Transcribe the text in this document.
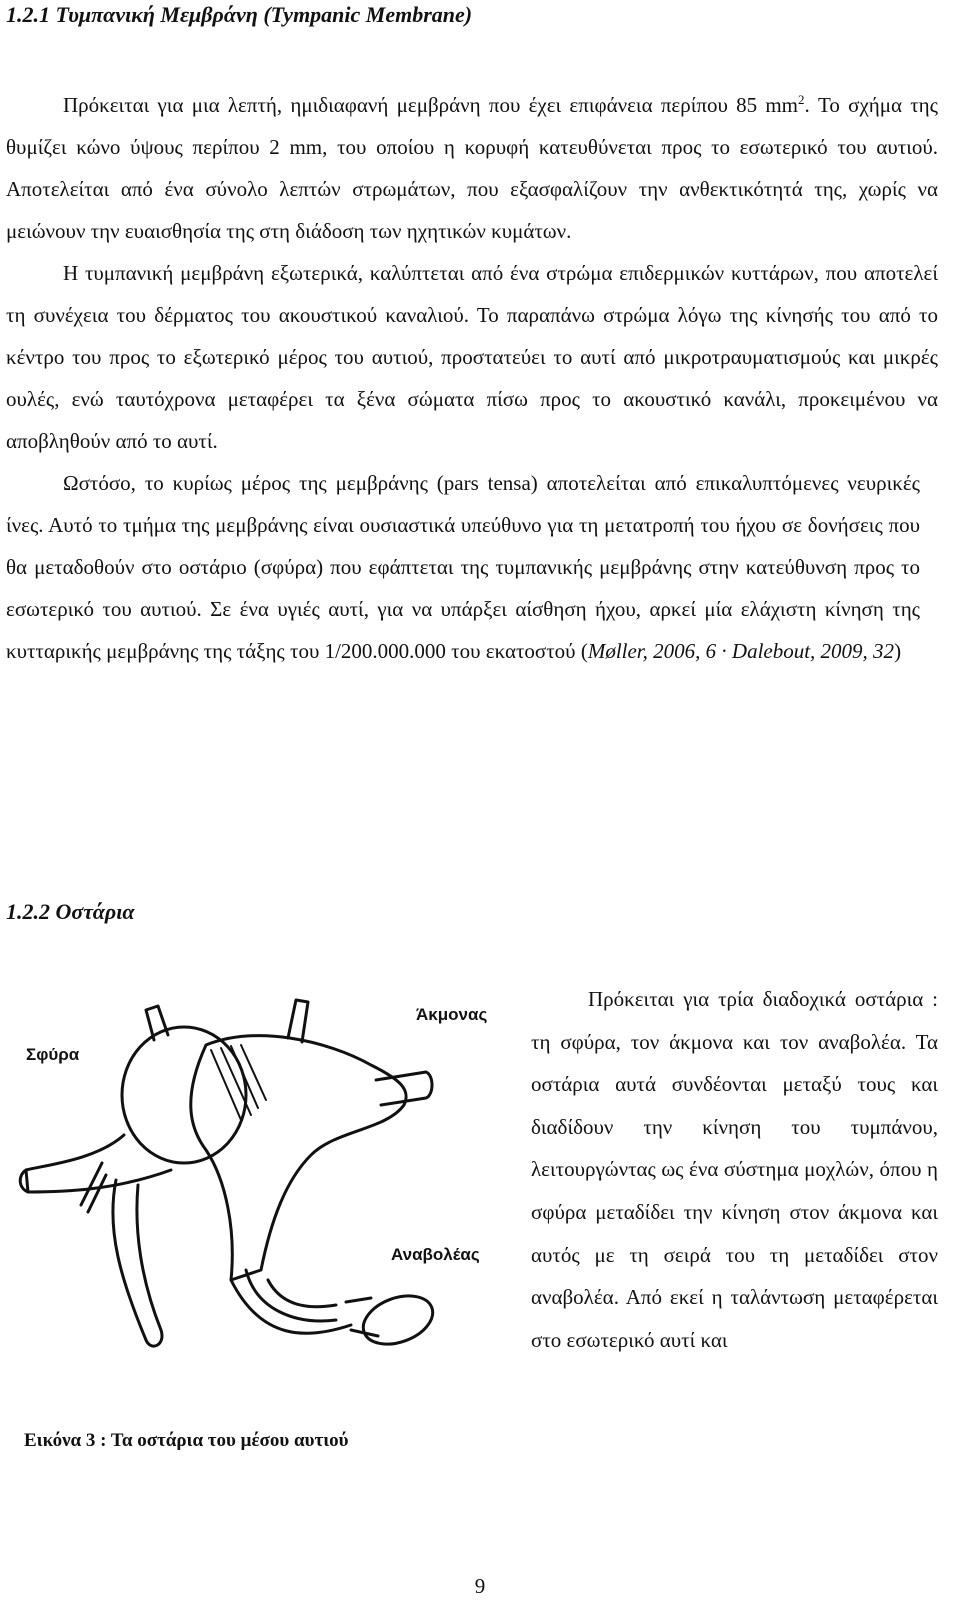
1.2.1 Τυμπανική Μεμβράνη (Tympanic Membrane)

Πρόκειται για μια λεπτή, ημιδιαφανή μεμβράνη που έχει επιφάνεια περίπου 85 $mm^2$. Το σχήμα της θυμίζει κώνο ύψους περίπου 2 mm, του οποίου η κορυφή κατευθύνεται προς το εσωτερικό του αυτιού. Αποτελείται από ένα σύνολο λεπτών στρωμάτων, που εξασφαλίζουν την ανθεκτικότητά της, χωρίς να μειώνουν την ευαισθησία της στη διάδοση των ηχητικών κυμάτων.

Η τυμπανική μεμβράνη εξωτερικά, καλύπτεται από ένα στρώμα επιδερμικών κυττάρων, που αποτελεί τη συνέχεια του δέρματος του ακουστικού καναλιού. Το παραπάνω στρώμα λόγω της κίνησής του από το κέντρο του προς το εξωτερικό μέρος του αυτιού, προστατεύει το αυτί από μικροτραυματισμούς και μικρές ουλές, ενώ ταυτόχρονα μεταφέρει τα ξένα σώματα πίσω προς το ακουστικό κανάλι, προκειμένου να αποβληθούν από το αυτί.

Ωστόσο, το κυρίως μέρος της μεμβράνης (pars tensa) αποτελείται από επικαλυπτόμενες νευρικές ίνες. Αυτό το τμήμα της μεμβράνης είναι ουσιαστικά υπεύθυνο για τη μετατροπή του ήχου σε δονήσεις που θα μεταδοθούν στο οστάριο (σφύρα) που εφάπτεται της τυμπανικής μεμβράνης στην κατεύθυνση προς το εσωτερικό του αυτιού. Σε ένα υγιές αυτί, για να υπάρξει αίσθηση ήχου, αρκεί μία ελάχιστη κίνηση της κυτταρικής μεμβράνης της τάξης του 1/200.000.000 του εκατοστού (Møller, 2006, 6 · Dalebout, 2009, 32)

1.2.2 Οστάρια
Σφύρα
Άκμονας
Αναβολέας

Εικόνα 3 : Τα οστάρια του μέσου αυτιού

Πρόκειται για τρία διαδοχικά οστάρια : τη σφύρα, τον άκμονα και τον αναβολέα. Τα οστάρια αυτά συνδέονται μεταξύ τους και διαδίδουν την κίνηση του τυμπάνου, λειτουργώντας ως ένα σύστημα μοχλών, όπου η σφύρα μεταδίδει την κίνηση στον άκμονα και αυτός με τη σειρά του τη μεταδίδει στον αναβολέα. Από εκεί η ταλάντωση μεταφέρεται στο εσωτερικό αυτί και

9
